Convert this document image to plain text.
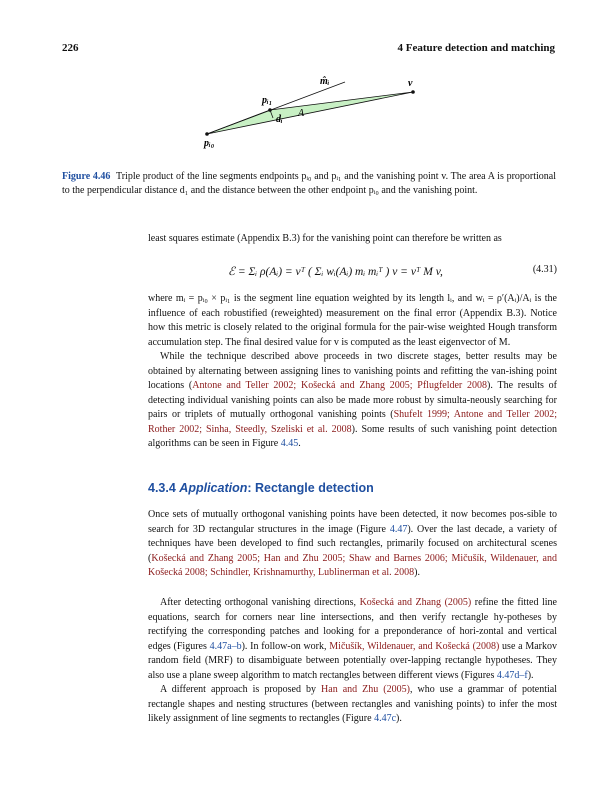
226	4 Feature detection and matching
m̂ᵢ	v
pᵢ₁
dᵢ
A
pᵢ₀
Figure 4.46 Triple product of the line segments endpoints pᵢ₀ and pᵢ₁ and the vanishing point v. The area A is proportional to the perpendicular distance d₁ and the distance between the other endpoint pᵢ₀ and the vanishing point.

least squares estimate (Appendix B.3) for the vanishing point can therefore be written as

ℰ = Σᵢ ρ(Aᵢ) = vᵀ ( Σᵢ wᵢ(Aᵢ) mᵢ mᵢᵀ ) v = vᵀ M v,	(4.31)

where mᵢ = pᵢ₀ × pᵢ₁ is the segment line equation weighted by its length lᵢ, and wᵢ = ρ′(Aᵢ)/Aᵢ is the influence of each robustified (reweighted) measurement on the final error (Appendix B.3). Notice how this metric is closely related to the original formula for the pair-wise weighted Hough transform accumulation step. The final desired value for v is computed as the least eigenvector of M.

While the technique described above proceeds in two discrete stages, better results may be obtained by alternating between assigning lines to vanishing points and refitting the van-ishing point locations (Antone and Teller 2002; Košecká and Zhang 2005; Pflugfelder 2008). The results of detecting individual vanishing points can also be made more robust by simulta-neously searching for pairs or triplets of mutually orthogonal vanishing points (Shufelt 1999; Antone and Teller 2002; Rother 2002; Sinha, Steedly, Szeliski et al. 2008). Some results of such vanishing point detection algorithms can be seen in Figure 4.45.

4.3.4 Application: Rectangle detection

Once sets of mutually orthogonal vanishing points have been detected, it now becomes pos-sible to search for 3D rectangular structures in the image (Figure 4.47). Over the last decade, a variety of techniques have been developed to find such rectangles, primarily focused on architectural scenes (Košecká and Zhang 2005; Han and Zhu 2005; Shaw and Barnes 2006; Mičušík, Wildenauer, and Košecká 2008; Schindler, Krishnamurthy, Lublinerman et al. 2008).

After detecting orthogonal vanishing directions, Košecká and Zhang (2005) refine the fitted line equations, search for corners near line intersections, and then verify rectangle hy-potheses by rectifying the corresponding patches and looking for a preponderance of hori-zontal and vertical edges (Figures 4.47a–b). In follow-on work, Mičušík, Wildenauer, and Košecká (2008) use a Markov random field (MRF) to disambiguate between potentially over-lapping rectangle hypotheses. They also use a plane sweep algorithm to match rectangles between different views (Figures 4.47d–f).

A different approach is proposed by Han and Zhu (2005), who use a grammar of potential rectangle shapes and nesting structures (between rectangles and vanishing points) to infer the most likely assignment of line segments to rectangles (Figure 4.47c).
